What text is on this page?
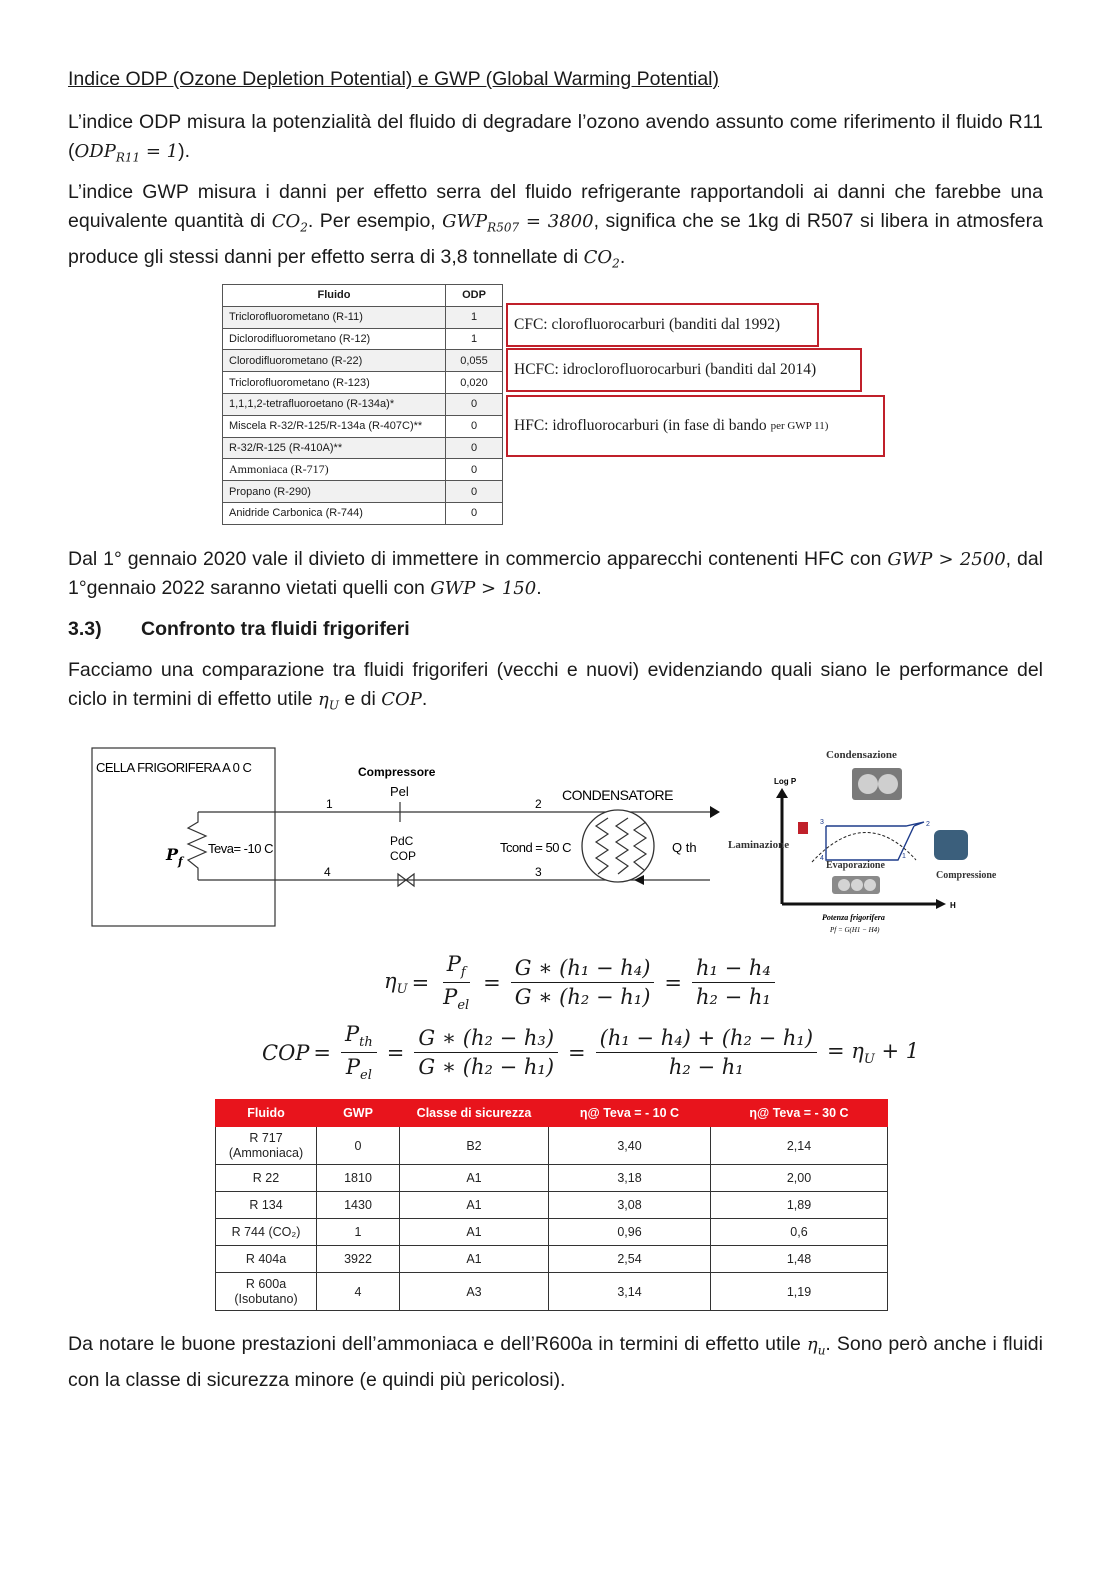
Indice ODP (Ozone Depletion Potential) e GWP (Global Warming Potential)

L’indice ODP misura la potenzialità del fluido di degradare l’ozono avendo assunto come riferimento il fluido R11 $(ODP_{R11} = 1)$.

L’indice GWP misura i danni per effetto serra del fluido refrigerante rapportandoli ai danni che farebbe una equivalente quantità di $CO_2$. Per esempio, $GWP_{R507} = 3800$, significa che se 1kg di R507 si libera in atmosfera produce gli stessi danni per effetto serra di 3,8 tonnellate di $CO_2$.

Fluido	ODP
Triclorofluorometano (R-11)	1
Diclorodifluorometano (R-12)	1
Clorodifluorometano (R-22)	0,055
Triclorofluorometano (R-123)	0,020
1,1,1,2-tetrafluoroetano (R-134a)*	0
Miscela R-32/R-125/R-134a (R-407C)**	0
R-32/R-125 (R-410A)**	0
Ammoniaca (R-717)	0
Propano (R-290)	0
Anidride Carbonica (R-744)	0
CFC: clorofluorocarburi (banditi dal 1992)
HCFC: idroclorofluorocarburi (banditi dal 2014)
HFC: idrofluorocarburi (in fase di bando
per GWP 11)

Dal 1° gennaio 2020 vale il divieto di immettere in commercio apparecchi contenenti HFC con GWP > 2500, dal 1°gennaio 2022 saranno vietati quelli con GWP > 150.

3.3) Confronto tra fluidi frigoriferi

Facciamo una comparazione tra fluidi frigoriferi (vecchi e nuovi) evidenziando quali siano le performance del ciclo in termini di effetto utile $\eta_U$ e di COP.

CELLA FRIGORIFERA A 0 C
$P_f$
Teva= -10 C
Compressore
Pel
PdC
COP
1	2
3
4
CONDENSATORE
Tcond = 50 C	Q th
Condensazione
Log P
H
Laminazione
3	2
1
4
Evaporazione
Compressione
Potenza frigorifera
Pf = G(H1 − H4)
$\eta_U = \frac{P_f}{P_{el}} = \frac{\text{G ∗ (h₁ − h₄)}}{\text{G ∗ (h₂ − h₁)}} = \frac{\text{h₁ − h₄}}{\text{h₂ − h₁}}$
COP = $\frac{P_{th}}{P_{el}} = \frac{\text{G ∗ (h₂ − h₃)}}{\text{G ∗ (h₂ − h₁)}} = \frac{\text{(h₁ − h₄) + (h₂ − h₁)}}{\text{h₂ − h₁}} = \eta_U + 1$
Fluido	GWP	Classe di sicurezza	η@ Teva = - 10 C	η@ Teva = - 30 C
R 717 (Ammoniaca)	0	B2	3,40	2,14
R 22	1810	A1	3,18	2,00
R 134	1430	A1	3,08	1,89
R 744 (CO₂)	1	A1	0,96	0,6
R 404a	3922	A1	2,54	1,48
R 600a (Isobutano)	4	A3	3,14	1,19

Da notare le buone prestazioni dell’ammoniaca e dell’R600a in termini di effetto utile $\eta_u$. Sono però anche i fluidi con la classe di sicurezza minore (e quindi più pericolosi).
